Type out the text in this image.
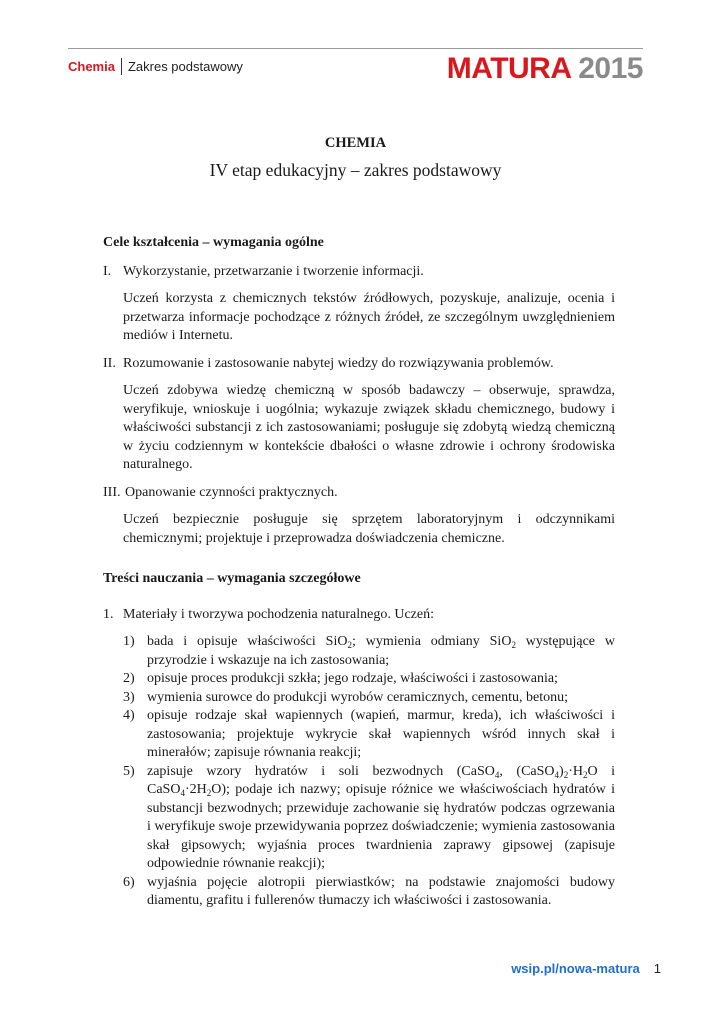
Chemia Zakres podstawowy	MATURA 2015
CHEMIA
IV etap edukacyjny – zakres podstawowy
Cele kształcenia – wymagania ogólne
I. Wykorzystanie, przetwarzanie i tworzenie informacji.
Uczeń korzysta z chemicznych tekstów źródłowych, pozyskuje, analizuje, ocenia i przetwarza informacje pochodzące z różnych źródeł, ze szczególnym uwzględnieniem mediów i Internetu.
II. Rozumowanie i zastosowanie nabytej wiedzy do rozwiązywania problemów.
Uczeń zdobywa wiedzę chemiczną w sposób badawczy – obserwuje, sprawdza, weryfikuje, wnioskuje i uogólnia; wykazuje związek składu chemicznego, budowy i właściwości substancji z ich zastosowaniami; posługuje się zdobytą wiedzą chemiczną w życiu codziennym w kontekście dbałości o własne zdrowie i ochrony środowiska naturalnego.
III. Opanowanie czynności praktycznych.
Uczeń bezpiecznie posługuje się sprzętem laboratoryjnym i odczynnikami chemicznymi; projektuje i przeprowadza doświadczenia chemiczne.
Treści nauczania – wymagania szczegółowe
1. Materiały i tworzywa pochodzenia naturalnego. Uczeń:
1) bada i opisuje właściwości SiO$_2$; wymienia odmiany SiO$_2$ występujące w przyrodzie i wskazuje na ich zastosowania;
2) opisuje proces produkcji szkła; jego rodzaje, właściwości i zastosowania;
3) wymienia surowce do produkcji wyrobów ceramicznych, cementu, betonu;
4) opisuje rodzaje skał wapiennych (wapień, marmur, kreda), ich właściwości i zastosowania; projektuje wykrycie skał wapiennych wśród innych skał i minerałów; zapisuje równania reakcji;
5) zapisuje wzory hydratów i soli bezwodnych (CaSO$_4$, $(CaSO_4)_2\cdot H_2O$ i $CaSO_4\cdot 2H_2O$); podaje ich nazwy; opisuje różnice we właściwościach hydratów i substancji bezwodnych; przewiduje zachowanie się hydratów podczas ogrzewania i weryfikuje swoje przewidywania poprzez doświadczenie; wymienia zastosowania skał gipsowych; wyjaśnia proces twardnienia zaprawy gipsowej (zapisuje odpowiednie równanie reakcji);
6) wyjaśnia pojęcie alotropii pierwiastków; na podstawie znajomości budowy diamentu, grafitu i fullerenów tłumaczy ich właściwości i zastosowania.
wsip.pl/nowa-matura 1
